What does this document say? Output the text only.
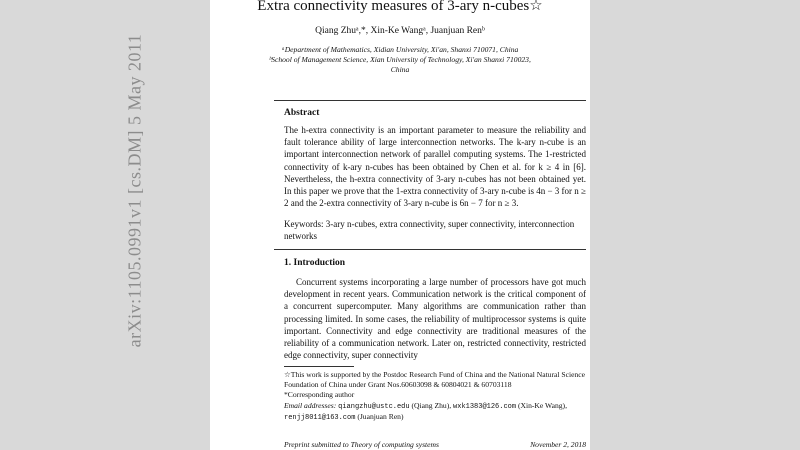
Extra connectivity measures of 3-ary n-cubes☆
Qiang Zhuᵃ,*, Xin-Ke Wangᵃ, Juanjuan Renᵇ
ᵃDepartment of Mathematics, Xidian University, Xi'an, Shanxi 710071, China
ᵇSchool of Management Science, Xian University of Technology, Xi'an Shanxi 710023, China
Abstract
The h-extra connectivity is an important parameter to measure the reliability and fault tolerance ability of large interconnection networks. The k-ary n-cube is an important interconnection network of parallel computing systems. The 1-restricted connectivity of k-ary n-cubes has been obtained by Chen et al. for k ≥ 4 in [6]. Nevertheless, the h-extra connectivity of 3-ary n-cubes has not been obtained yet. In this paper we prove that the 1-extra connectivity of 3-ary n-cube is 4n − 3 for n ≥ 2 and the 2-extra connectivity of 3-ary n-cube is 6n − 7 for n ≥ 3.
Keywords: 3-ary n-cubes, extra connectivity, super connectivity, interconnection networks
1. Introduction
Concurrent systems incorporating a large number of processors have got much development in recent years. Communication network is the critical component of a concurrent supercomputer. Many algorithms are communication rather than processing limited. In some cases, the reliability of multiprocessor systems is quite important. Connectivity and edge connectivity are traditional measures of the reliability of a communication network. Later on, restricted connectivity, restricted edge connectivity, super connectivity

☆This work is supported by the Postdoc Research Fund of China and the National Natural Science Foundation of China under Grant Nos.60603098 & 60804021 & 60703118

*Corresponding author

Email addresses: qiangzhu@ustc.edu (Qiang Zhu), wxk1383@126.com (Xin-Ke Wang), renjj8011@163.com (Juanjuan Ren)

Preprint submitted to Theory of computing systems	November 2, 2018
arXiv:1105.0991v1 [cs.DM] 5 May 2011
